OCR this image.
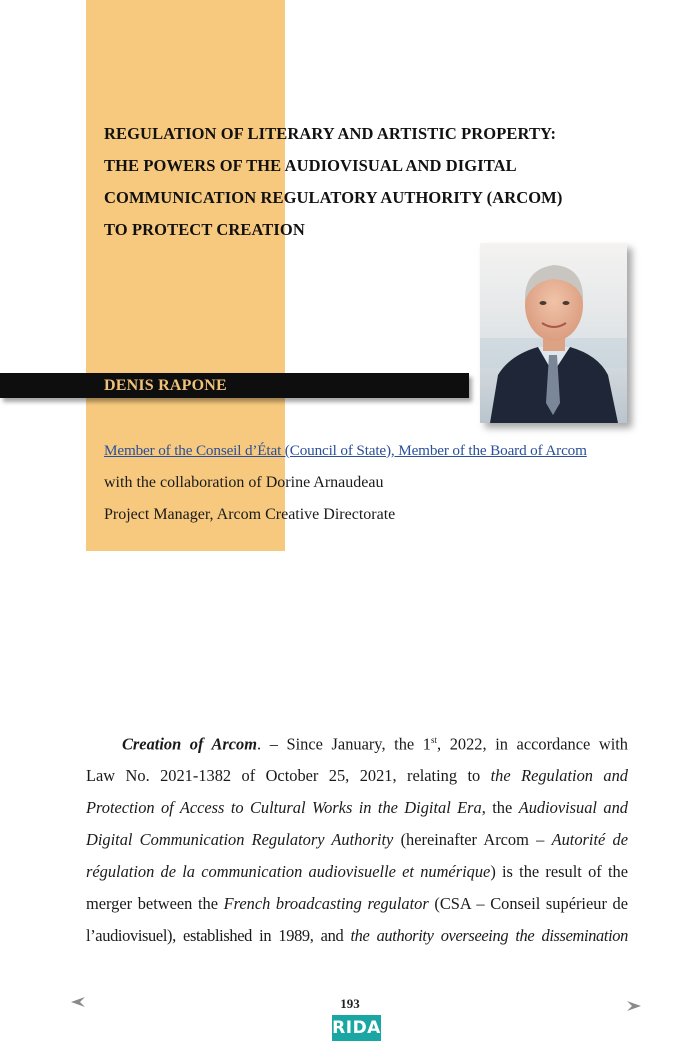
REGULATION OF LITERARY AND ARTISTIC PROPERTY:
THE POWERS OF THE AUDIOVISUAL AND DIGITAL
COMMUNICATION REGULATORY AUTHORITY (ARCOM)
TO PROTECT CREATION
DENIS RAPONE
Member of the Conseil d’État (Council of State), Member of the Board of Arcom
with the collaboration of Dorine Arnaudeau
Project Manager, Arcom Creative Directorate
Creation of Arcom. – Since January, the 1st, 2022, in accordance with
Law No. 2021-1382 of October 25, 2021, relating to the Regulation and
Protection of Access to Cultural Works in the Digital Era, the Audiovisual and
Digital Communication Regulatory Authority (hereinafter Arcom – Autorité de
régulation de la communication audiovisuelle et numérique) is the result of the
merger between the French broadcasting regulator (CSA – Conseil supérieur de
l’audiovisuel), established in 1989, and the authority overseeing the dissemination
193
RIDA
